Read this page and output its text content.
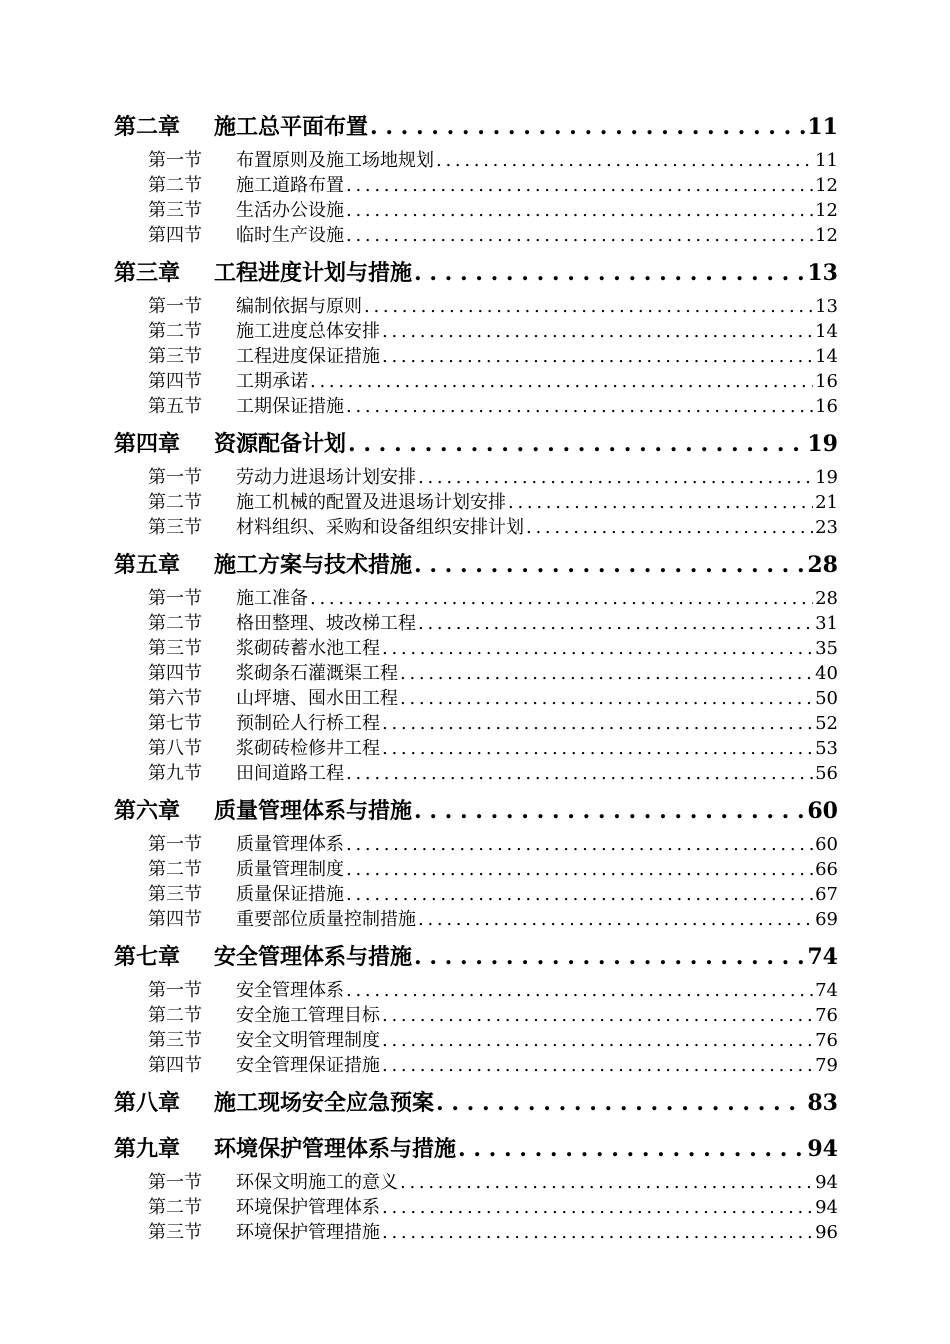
第二章	施工总平面布置 . . .	11
第一节	布置原则及施工场地规划 . . .	11
第二节	施工道路布置 . . .	12
第三节	生活办公设施 . . .	12
第四节	临时生产设施 . . .	12
第三章	工程进度计划与措施 . . .	13
第一节	编制依据与原则 . . .	13
第二节	施工进度总体安排 . . .	14
第三节	工程进度保证措施 . . .	14
第四节	工期承诺 . . .	16
第五节	工期保证措施 . . .	16
第四章	资源配备计划 . . .	19
第一节	劳动力进退场计划安排 . . .	19
第二节	施工机械的配置及进退场计划安排 . . .	21
第三节	材料组织、采购和设备组织安排计划 . . .	23
第五章	施工方案与技术措施 . . .	28
第一节	施工准备 . . .	28
第二节	格田整理、坡改梯工程 . . .	31
第三节	浆砌砖蓄水池工程 . . .	35
第四节	浆砌条石灌溉渠工程 . . .	40
第六节	山坪塘、囤水田工程 . . .	50
第七节	预制砼人行桥工程 . . .	52
第八节	浆砌砖检修井工程 . . .	53
第九节	田间道路工程 . . .	56
第六章	质量管理体系与措施 . . .	60
第一节	质量管理体系 . . .	60
第二节	质量管理制度 . . .	66
第三节	质量保证措施 . . .	67
第四节	重要部位质量控制措施 . . .	69
第七章	安全管理体系与措施 . . .	74
第一节	安全管理体系 . . .	74
第二节	安全施工管理目标 . . .	76
第三节	安全文明管理制度 . . .	76
第四节	安全管理保证措施 . . .	79
第八章	施工现场安全应急预案 . . .	83
第九章	环境保护管理体系与措施 . . .	94
第一节	环保文明施工的意义 . . .	94
第二节	环境保护管理体系 . . .	94
第三节	环境保护管理措施 . . .	96
